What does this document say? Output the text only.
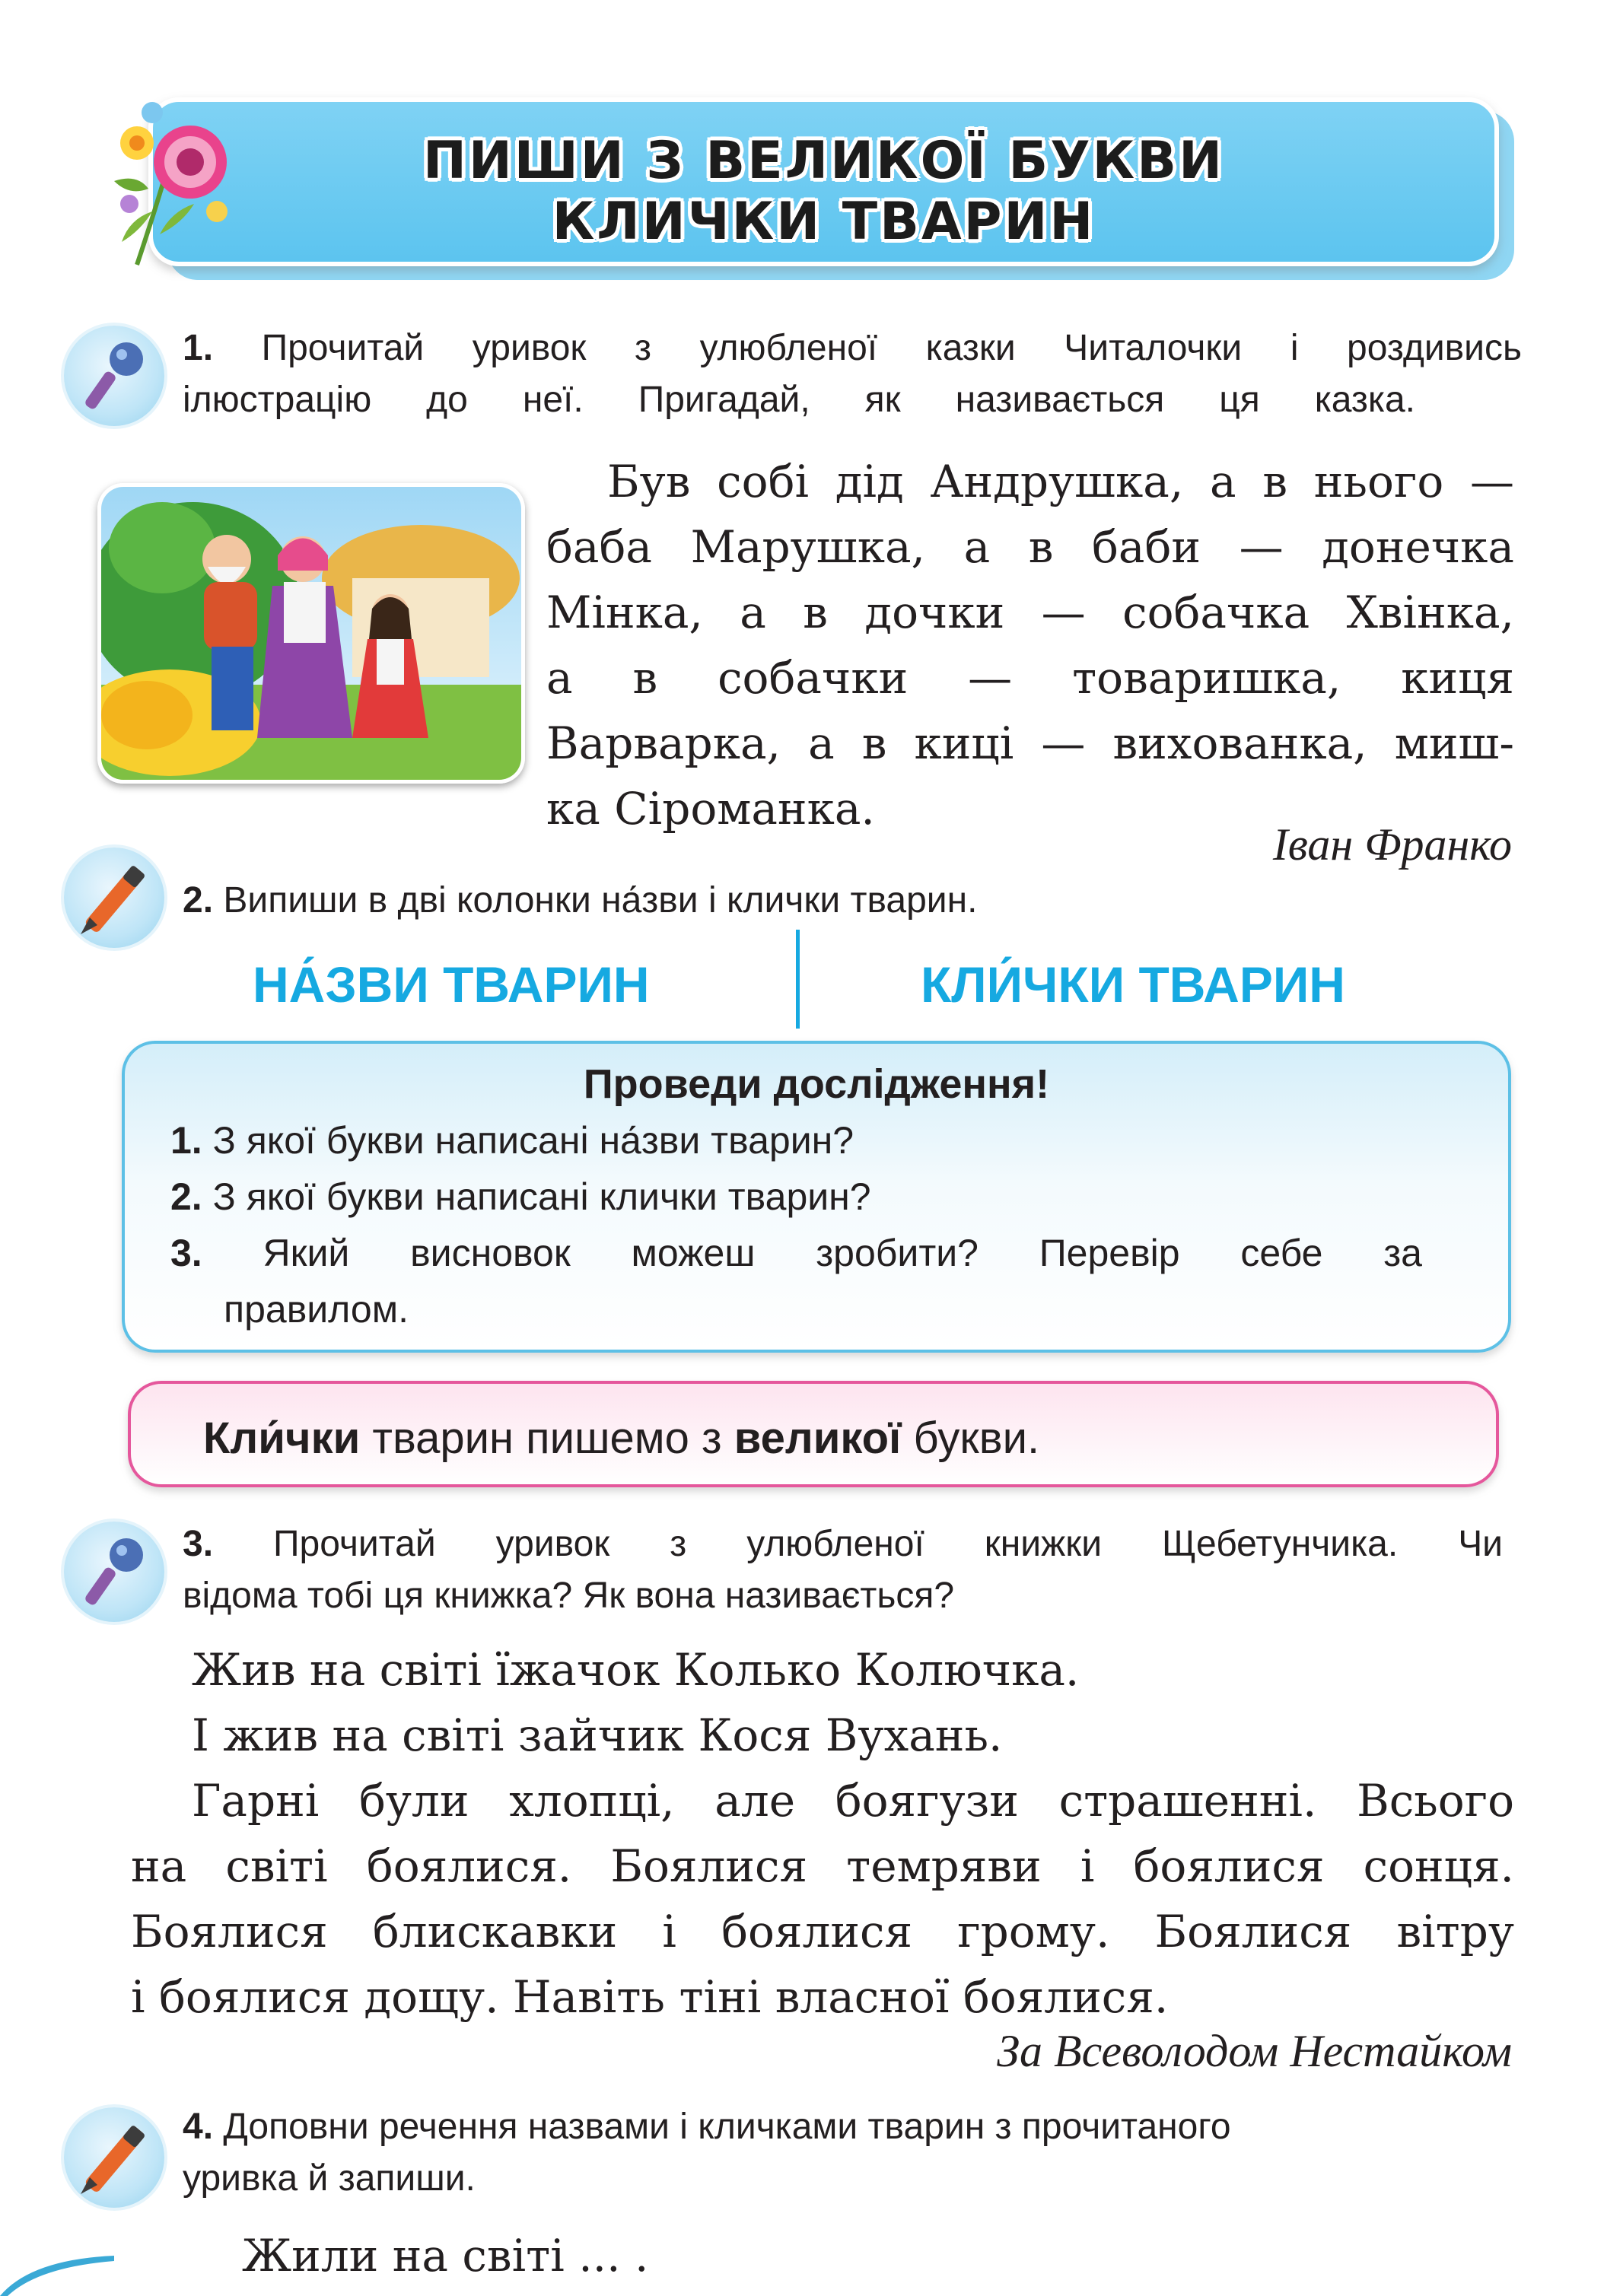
ПИШИ З ВЕЛИКОЇ БУКВИ
КЛИЧКИ ТВАРИН
1. Прочитай уривок з улюбленої казки Читалочки і роздивись
ілюстрацію до неї. Пригадай, як називається ця казка.
Був собі дід Андрушка, а в нього —
баба Марушка, а в баби — донечка
Мінка, а в дочки — собачка Хвінка,
а в собачки — товаришка, киця
Варварка, а в киці — вихованка, миш-
ка Сіроманка.
Іван Франко
2. Випиши в дві колонки на́зви і клички тварин.
НА́ЗВИ ТВАРИН	КЛИ́ЧКИ ТВАРИН
Проведи дослідження!
1. З якої букви написані на́зви тварин?
2. З якої букви написані клички тварин?
3. Який висновок можеш зробити? Перевір себе за
правилом.
Кли́чки тварин пишемо з великої букви.
3. Прочитай уривок з улюбленої книжки Щебетунчика. Чи
відома тобі ця книжка? Як вона називається?
Жив на світі їжачок Колько Колючка.
І жив на світі зайчик Кося Вухань.
Гарні були хлопці, але боягузи страшенні. Всього
на світі боялися. Боялися темряви і боялися сонця.
Боялися блискавки і боялися грому. Боялися вітру
і боялися дощу. Навіть тіні власної боялися.
За Всеволодом Нестайком
4. Доповни речення назвами і кличками тварин з прочитаного
уривка й запиши.
Жили на світі ... .
